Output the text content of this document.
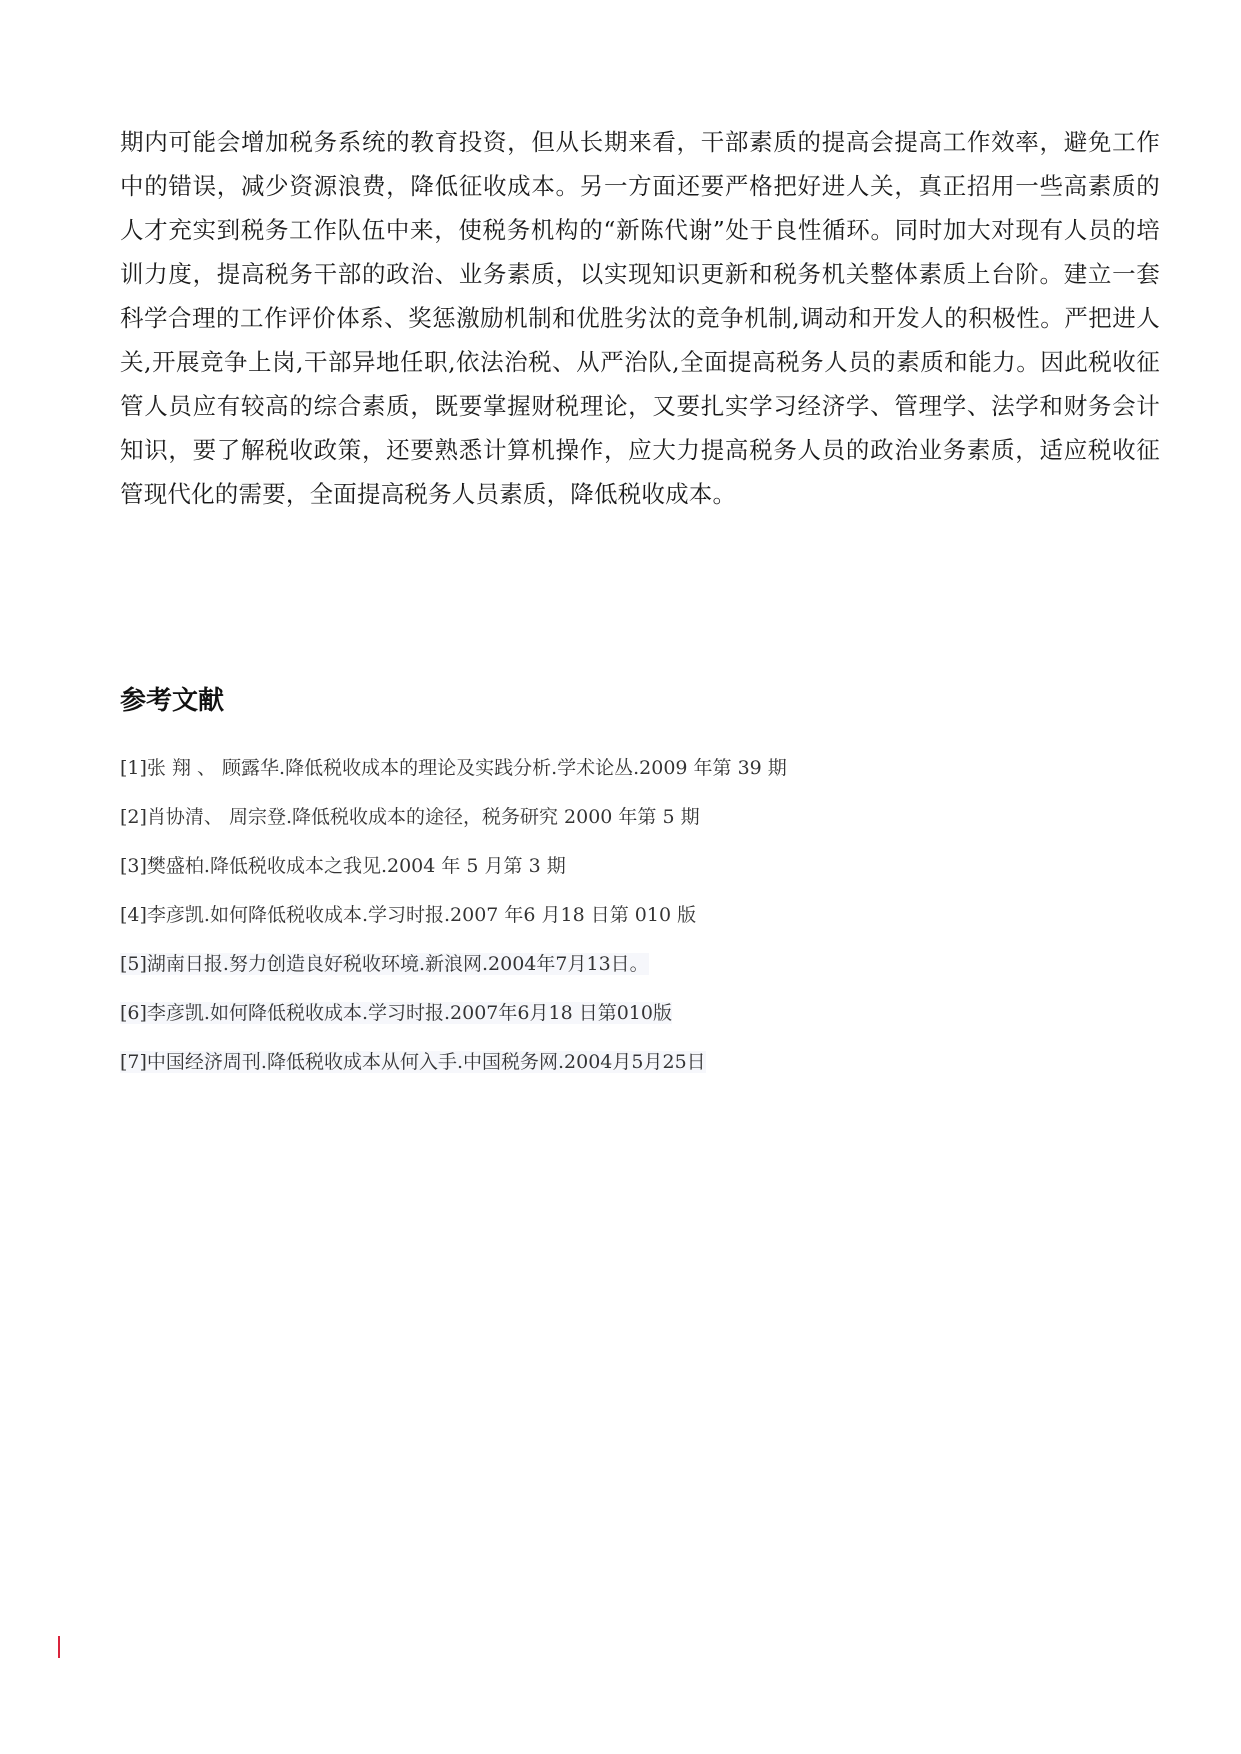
期内可能会增加税务系统的教育投资，但从长期来看，干部素质的提高会提高工作效率，避免工作中的错误，减少资源浪费，降低征收成本。另一方面还要严格把好进人关，真正招用一些高素质的人才充实到税务工作队伍中来，使税务机构的“新陈代谢”处于良性循环。同时加大对现有人员的培训力度，提高税务干部的政治、业务素质，以实现知识更新和税务机关整体素质上台阶。建立一套科学合理的工作评价体系、奖惩激励机制和优胜劣汰的竞争机制,调动和开发人的积极性。严把进人关,开展竞争上岗,干部异地任职,依法治税、从严治队,全面提高税务人员的素质和能力。因此税收征管人员应有较高的综合素质，既要掌握财税理论，又要扎实学习经济学、管理学、法学和财务会计知识，要了解税收政策，还要熟悉计算机操作，应大力提高税务人员的政治业务素质，适应税收征管现代化的需要，全面提高税务人员素质，降低税收成本。

参考文献
[1]张 翔 、 顾露华.降低税收成本的理论及实践分析.学术论丛.2009 年第 39 期
[2]肖协清、 周宗登.降低税收成本的途径，税务研究 2000 年第 5 期
[3]樊盛柏.降低税收成本之我见.2004 年 5 月第 3 期
[4]李彦凯.如何降低税收成本.学习时报.2007 年6 月18 日第 010 版
[5]湖南日报.努力创造良好税收环境.新浪网.2004年7月13日。
[6]李彦凯.如何降低税收成本.学习时报.2007年6月18 日第010版
[7]中国经济周刊.降低税收成本从何入手.中国税务网.2004月5月25日
